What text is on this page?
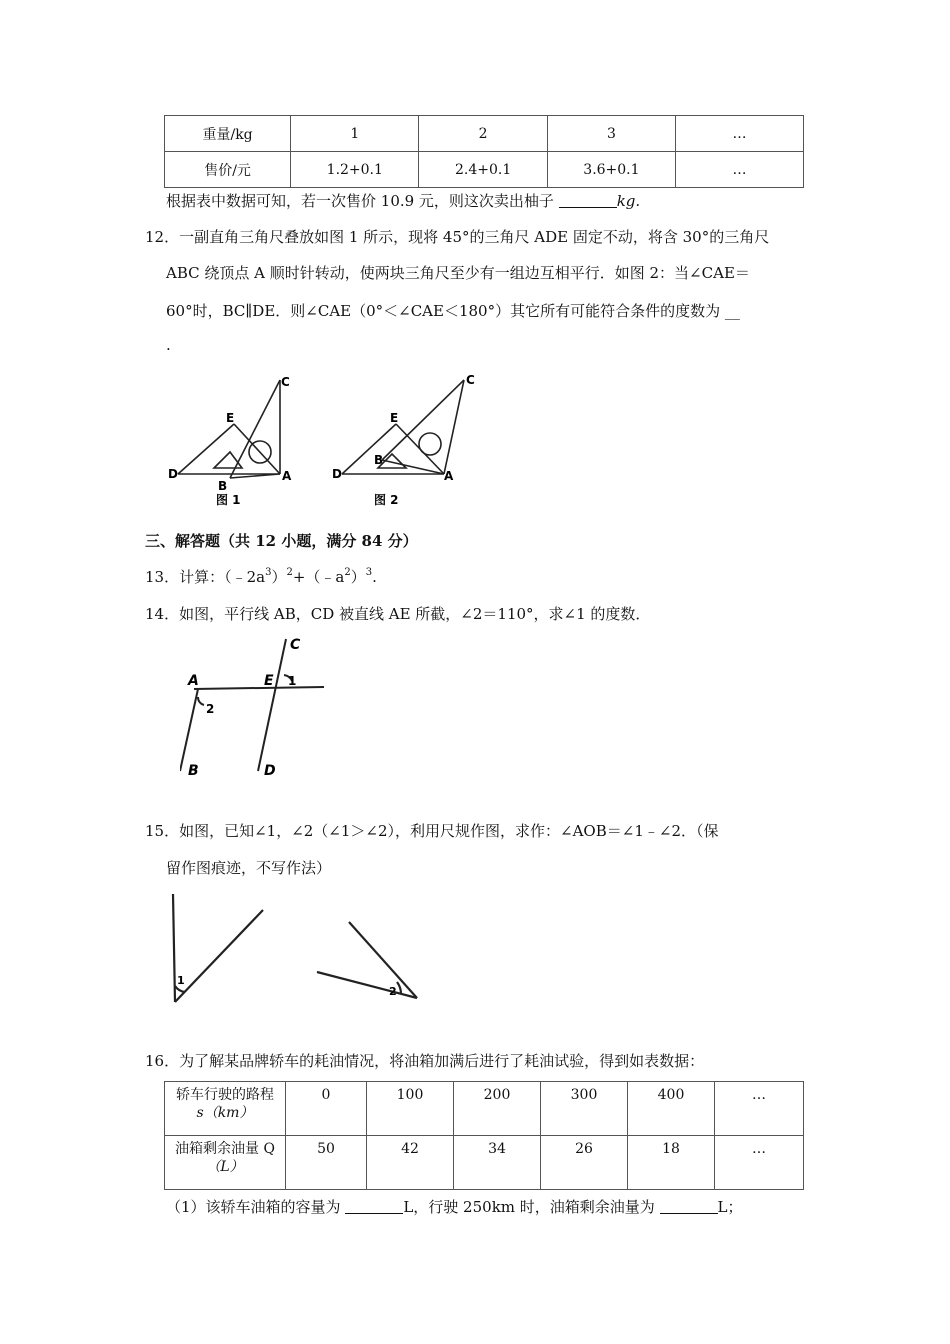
重量/kg	1	2	3	…
售价/元	1.2+0.1	2.4+0.1	3.6+0.1	…
根据表中数据可知，若一次售价 10.9 元，则这次卖出柚子	kg.
12．一副直角三角尺叠放如图 1 所示，现将 45°的三角尺 ADE 固定不动，将含 30°的三角尺
ABC 绕顶点 A 顺时针转动，使两块三角尺至少有一组边互相平行．如图 2：当∠CAE＝
60°时，BC∥DE．则∠CAE（0°＜∠CAE＜180°）其它所有可能符合条件的度数为 __
.
C
E
D	A
B
图 1
C
E
D	A
B
图 2
三、解答题（共 12 小题，满分 84 分）
13．计算：$(﹣2a^3)^2+(﹣a^2)^3$.
14．如图，平行线 AB，CD 被直线 AE 所截，∠2＝110°，求∠1 的度数．
A	E
C
1
2
B	D
15．如图，已知∠1，∠2（∠1＞∠2），利用尺规作图，求作：∠AOB＝∠1﹣∠2．（保
留作图痕迹，不写作法）
1
2
16．为了解某品牌轿车的耗油情况，将油箱加满后进行了耗油试验，得到如表数据：
轿车行驶的路程
s（km）	0	100	200	300	400	…

油箱剩余油量 Q
（L）	50	42	34	26	18	…
（1）该轿车油箱的容量为	L，行驶 250km 时，油箱剩余油量为	L；
